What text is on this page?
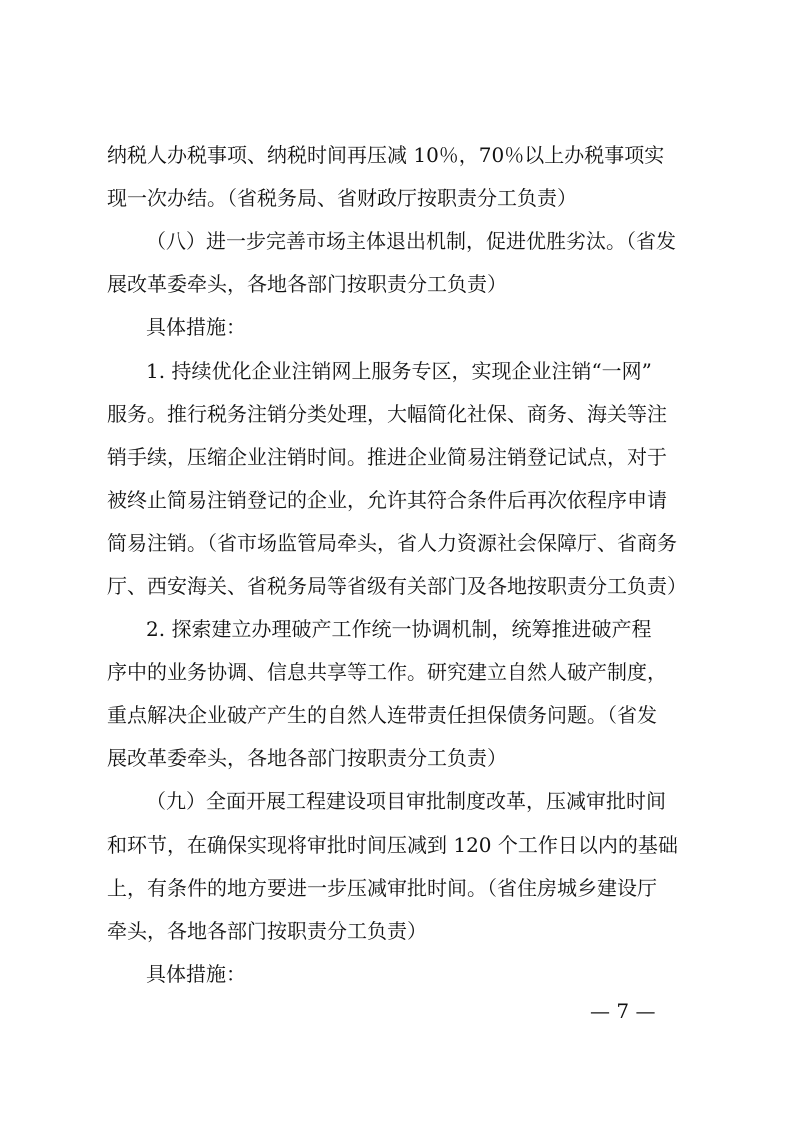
纳税人办税事项、纳税时间再压减 10％，70％以上办税事项实
现一次办结。（省税务局、省财政厅按职责分工负责）
（八）进一步完善市场主体退出机制，促进优胜劣汰。（省发
展改革委牵头，各地各部门按职责分工负责）
具体措施：
1. 持续优化企业注销网上服务专区，实现企业注销“一网”
服务。推行税务注销分类处理，大幅简化社保、商务、海关等注
销手续，压缩企业注销时间。推进企业简易注销登记试点，对于
被终止简易注销登记的企业，允许其符合条件后再次依程序申请
简易注销。（省市场监管局牵头，省人力资源社会保障厅、省商务
厅、西安海关、省税务局等省级有关部门及各地按职责分工负责）
2. 探索建立办理破产工作统一协调机制，统筹推进破产程
序中的业务协调、信息共享等工作。研究建立自然人破产制度，
重点解决企业破产产生的自然人连带责任担保债务问题。（省发
展改革委牵头，各地各部门按职责分工负责）
（九）全面开展工程建设项目审批制度改革，压减审批时间
和环节，在确保实现将审批时间压减到 120 个工作日以内的基础
上，有条件的地方要进一步压减审批时间。（省住房城乡建设厅
牵头，各地各部门按职责分工负责）
具体措施：
— 7 —
